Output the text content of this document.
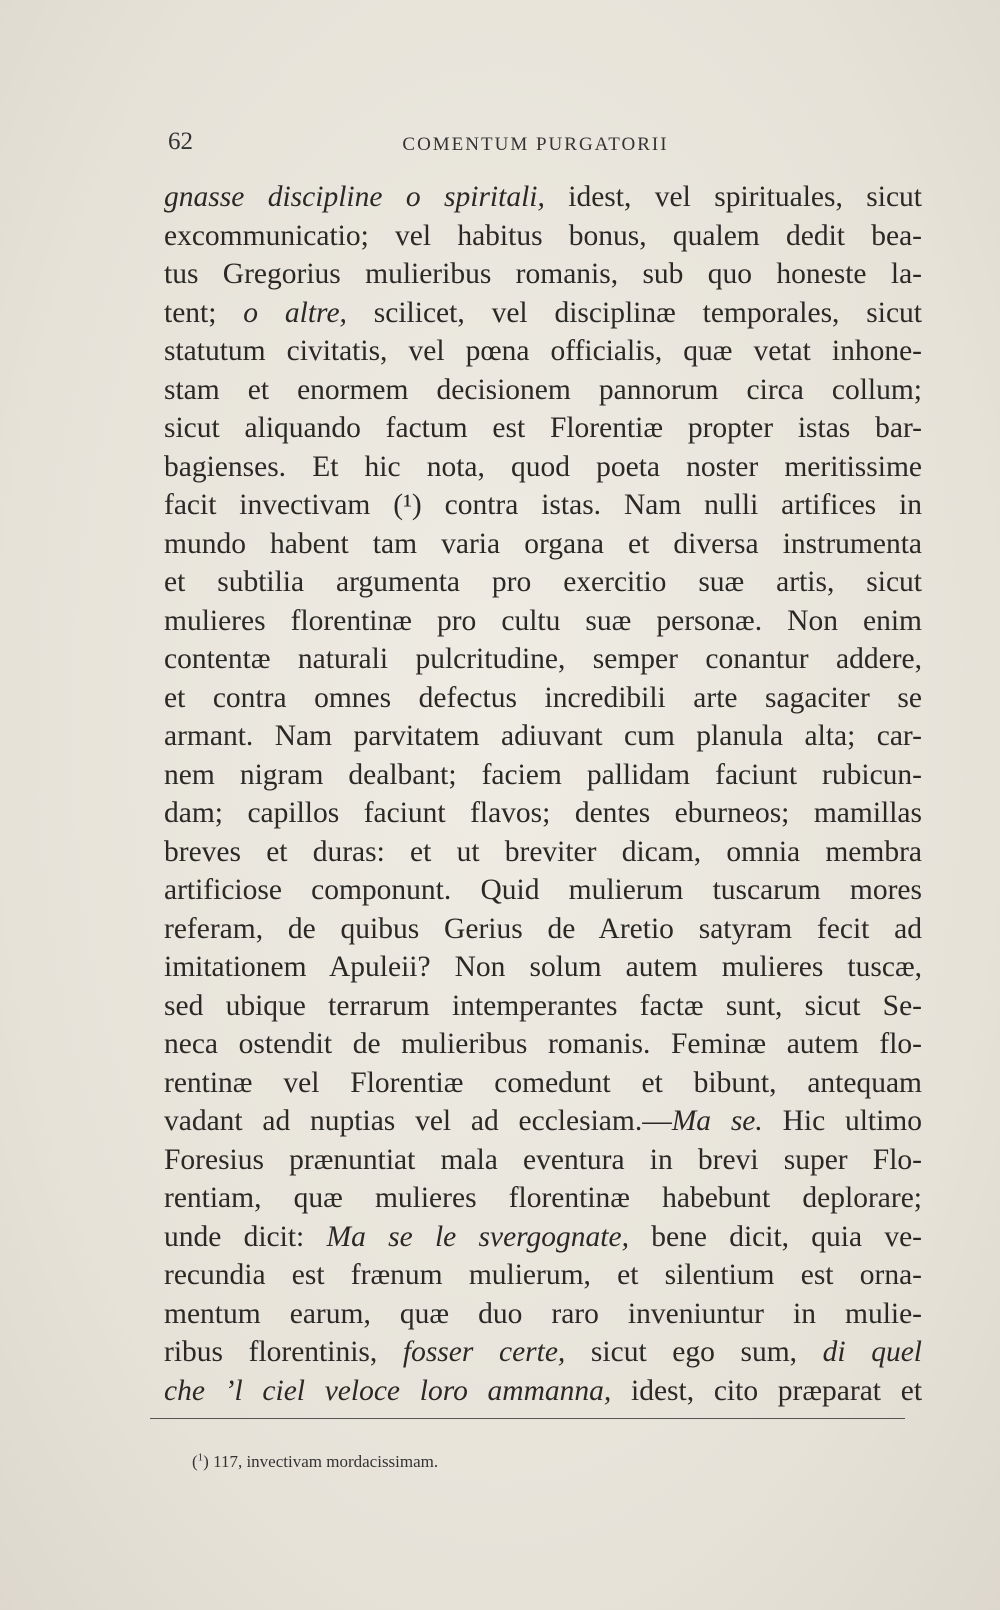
62	COMENTUM PURGATORII
gnasse discipline o spiritali, idest, vel spirituales, sicut
excommunicatio; vel habitus bonus, qualem dedit bea-
tus Gregorius mulieribus romanis, sub quo honeste la-
tent; o altre, scilicet, vel disciplinæ temporales, sicut
statutum civitatis, vel pœna officialis, quæ vetat inhone-
stam et enormem decisionem pannorum circa collum;
sicut aliquando factum est Florentiæ propter istas bar-
bagienses. Et hic nota, quod poeta noster meritissime
facit invectivam (¹) contra istas. Nam nulli artifices in
mundo habent tam varia organa et diversa instrumenta
et subtilia argumenta pro exercitio suæ artis, sicut
mulieres florentinæ pro cultu suæ personæ. Non enim
contentæ naturali pulcritudine, semper conantur addere,
et contra omnes defectus incredibili arte sagaciter se
armant. Nam parvitatem adiuvant cum planula alta; car-
nem nigram dealbant; faciem pallidam faciunt rubicun-
dam; capillos faciunt flavos; dentes eburneos; mamillas
breves et duras: et ut breviter dicam, omnia membra
artificiose componunt. Quid mulierum tuscarum mores
referam, de quibus Gerius de Aretio satyram fecit ad
imitationem Apuleii? Non solum autem mulieres tuscæ,
sed ubique terrarum intemperantes factæ sunt, sicut Se-
neca ostendit de mulieribus romanis. Feminæ autem flo-
rentinæ vel Florentiæ comedunt et bibunt, antequam
vadant ad nuptias vel ad ecclesiam.—Ma se. Hic ultimo
Foresius prænuntiat mala eventura in brevi super Flo-
rentiam, quæ mulieres florentinæ habebunt deplorare;
unde dicit: Ma se le svergognate, bene dicit, quia ve-
recundia est frænum mulierum, et silentium est orna-
mentum earum, quæ duo raro inveniuntur in mulie-
ribus florentinis, fosser certe, sicut ego sum, di quel
che ’l ciel veloce loro ammanna, idest, cito præparat et
($^1$) 117, invectivam mordacissimam.
